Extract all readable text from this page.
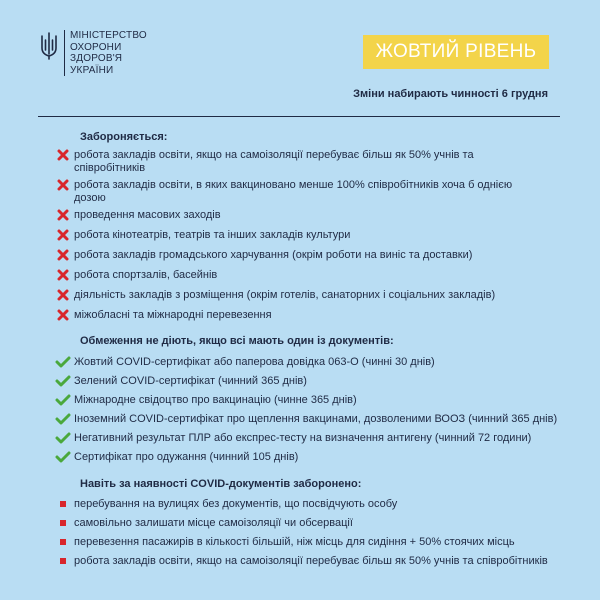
МІНІСТЕРСТВО
ОХОРОНИ
ЗДОРОВ'Я
УКРАЇНИ
ЖОВТИЙ РІВЕНЬ
Зміни набирають чинності 6 грудня
Забороняється:
робота закладів освіти, якщо на самоізоляції перебуває більш як 50% учнів та співробітників
робота закладів освіти, в яких вакциновано менше 100% співробітників хоча б однією дозою
проведення масових заходів
робота кінотеатрів, театрів та інших закладів культури
робота закладів громадського харчування (окрім роботи на виніс та доставки)
робота спортзалів, басейнів
діяльність закладів з розміщення (окрім готелів, санаторних і соціальних закладів)
міжобласні та міжнародні перевезення
Обмеження не діють, якщо всі мають один із документів:
Жовтий COVID-сертифікат або паперова довідка 063-О (чинні 30 днів)
Зелений COVID-сертифікат (чинний 365 днів)
Міжнародне свідоцтво про вакцинацію (чинне 365 днів)
Іноземний COVID-сертифікат про щеплення вакцинами, дозволеними ВООЗ (чинний 365 днів)
Негативний результат ПЛР або експрес-тесту на визначення антигену (чинний 72 години)
Сертифікат про одужання (чинний 105 днів)
Навіть за наявності COVID-документів заборонено:
перебування на вулицях без документів, що посвідчують особу
самовільно залишати місце самоізоляції чи обсервації
перевезення пасажирів в кількості більшій, ніж місць для сидіння + 50% стоячих місць
робота закладів освіти, якщо на самоізоляції перебуває більш як 50% учнів та співробітників
